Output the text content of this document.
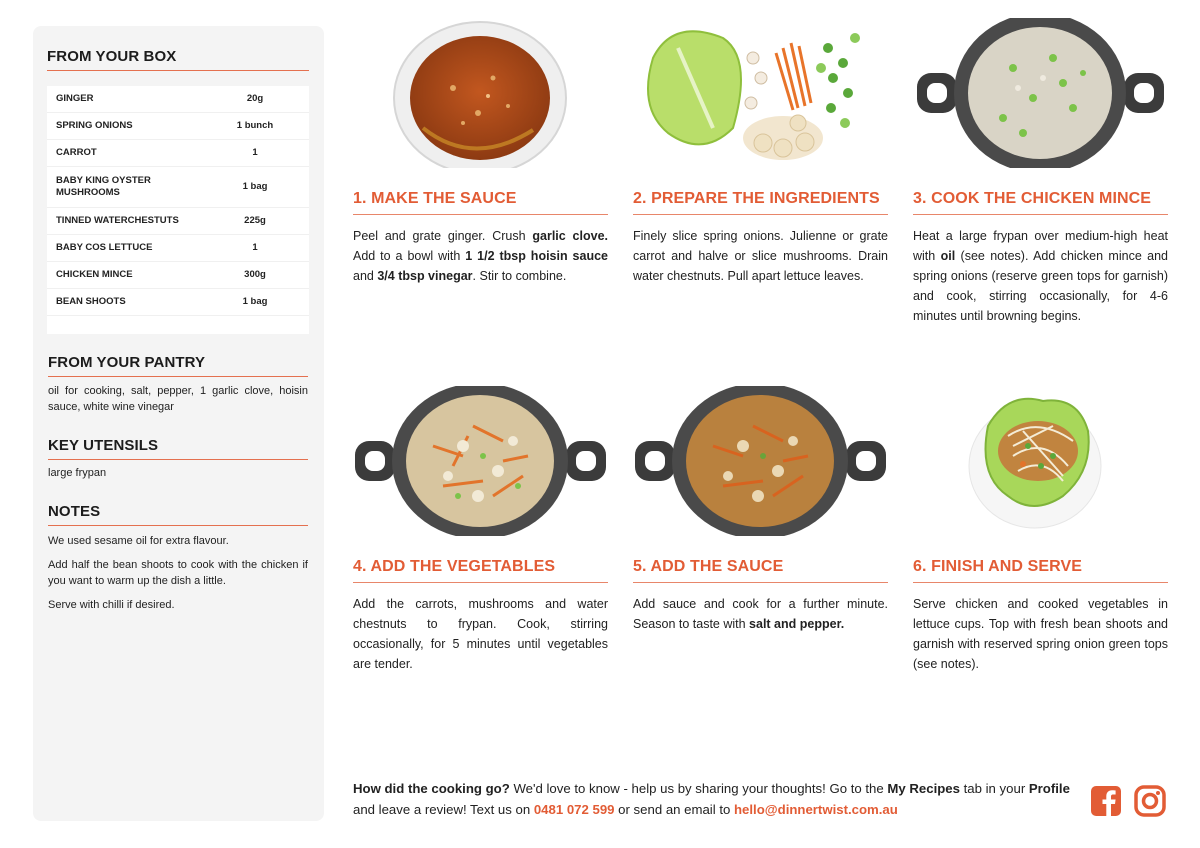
FROM YOUR BOX
GINGER	20g
SPRING ONIONS	1 bunch
CARROT	1
BABY KING OYSTER MUSHROOMS	1 bag
TINNED WATERCHESTUTS	225g
BABY COS LETTUCE	1
CHICKEN MINCE	300g
BEAN SHOOTS	1 bag

FROM YOUR PANTRY
oil for cooking, salt, pepper, 1 garlic clove, hoisin sauce, white wine vinegar
KEY UTENSILS
large frypan
NOTES

We used sesame oil for extra flavour.

Add half the bean shoots to cook with the chicken if you want to warm up the dish a little.

Serve with chilli if desired.

1. MAKE THE SAUCE
Peel and grate ginger. Crush garlic clove. Add to a bowl with 1 1/2 tbsp hoisin sauce and 3/4 tbsp vinegar. Stir to combine.
2. PREPARE THE INGREDIENTS
Finely slice spring onions. Julienne or grate carrot and halve or slice mushrooms. Drain water chestnuts. Pull apart lettuce leaves.
3. COOK THE CHICKEN MINCE
Heat a large frypan over medium-high heat with oil (see notes). Add chicken mince and spring onions (reserve green tops for garnish) and cook, stirring occasionally, for 4-6 minutes until browning begins.
4. ADD THE VEGETABLES
Add the carrots, mushrooms and water chestnuts to frypan. Cook, stirring occasionally, for 5 minutes until vegetables are tender.
5. ADD THE SAUCE
Add sauce and cook for a further minute. Season to taste with salt and pepper.
6. FINISH AND SERVE
Serve chicken and cooked vegetables in lettuce cups. Top with fresh bean shoots and garnish with reserved spring onion green tops (see notes).
How did the cooking go? We'd love to know - help us by sharing your thoughts! Go to the My Recipes tab in your Profile and leave a review! Text us on 0481 072 599 or send an email to hello@dinnertwist.com.au
